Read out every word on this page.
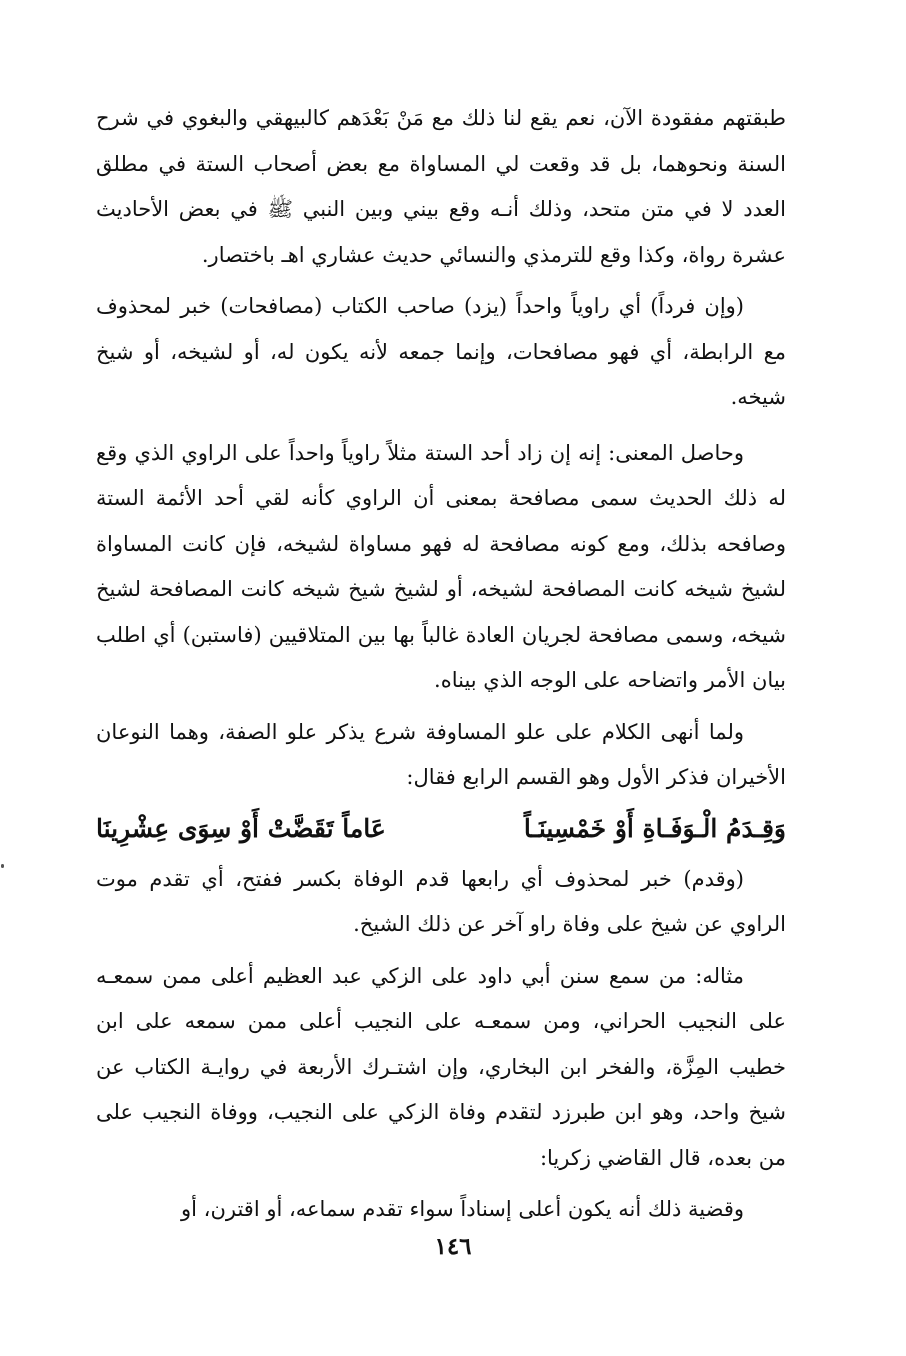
طبقتهم مفقودة الآن، نعم يقع لنا ذلك مع مَنْ بَعْدَهم كالبيهقي والبغوي في شرح السنة ونحوهما، بل قد وقعت لي المساواة مع بعض أصحاب الستة في مطلق العدد لا في متن متحد، وذلك أنـه وقع بيني وبين النبي ﷺ في بعض الأحاديث عشرة رواة، وكذا وقع للترمذي والنسائي حديث عشاري اهـ باختصار.

(وإن فرداً) أي راوياً واحداً (يزد) صاحب الكتاب (مصافحات) خبر لمحذوف مع الرابطة، أي فهو مصافحات، وإنما جمعه لأنه يكون له، أو لشيخه، أو شيخ شيخه.

وحاصل المعنى: إنه إن زاد أحد الستة مثلاً راوياً واحداً على الراوي الذي وقع له ذلك الحديث سمى مصافحة بمعنى أن الراوي كأنه لقي أحد الأئمة الستة وصافحه بذلك، ومع كونه مصافحة له فهو مساواة لشيخه، فإن كانت المساواة لشيخ شيخه كانت المصافحة لشيخه، أو لشيخ شيخ شيخه كانت المصافحة لشيخ شيخه، وسمى مصافحة لجريان العادة غالباً بها بين المتلاقيين (فاستبن) أي اطلب بيان الأمر واتضاحه على الوجه الذي بيناه.

ولما أنهى الكلام على علو المساوفة شرع يذكر علو الصفة، وهما النوعان الأخيران فذكر الأول وهو القسم الرابع فقال:

وَقِـدَمُ الْـوَفَـاةِ أَوْ خَمْسِينَـاً
عَاماً تَقَضَّتْ أَوْ سِوَى عِشْرِينَا

(وقدم) خبر لمحذوف أي رابعها قدم الوفاة بكسر ففتح، أي تقدم موت الراوي عن شيخ على وفاة راو آخر عن ذلك الشيخ.

مثاله: من سمع سنن أبي داود على الزكي عبد العظيم أعلى ممن سمعـه على النجيب الحراني، ومن سمعـه على النجيب أعلى ممن سمعه على ابن خطيب المِزَّة، والفخر ابن البخاري، وإن اشتـرك الأربعة في روايـة الكتاب عن شيخ واحد، وهو ابن طبرزد لتقدم وفاة الزكي على النجيب، ووفاة النجيب على من بعده، قال القاضي زكريا:

وقضية ذلك أنه يكون أعلى إسناداً سواء تقدم سماعه، أو اقترن، أو

١٤٦
